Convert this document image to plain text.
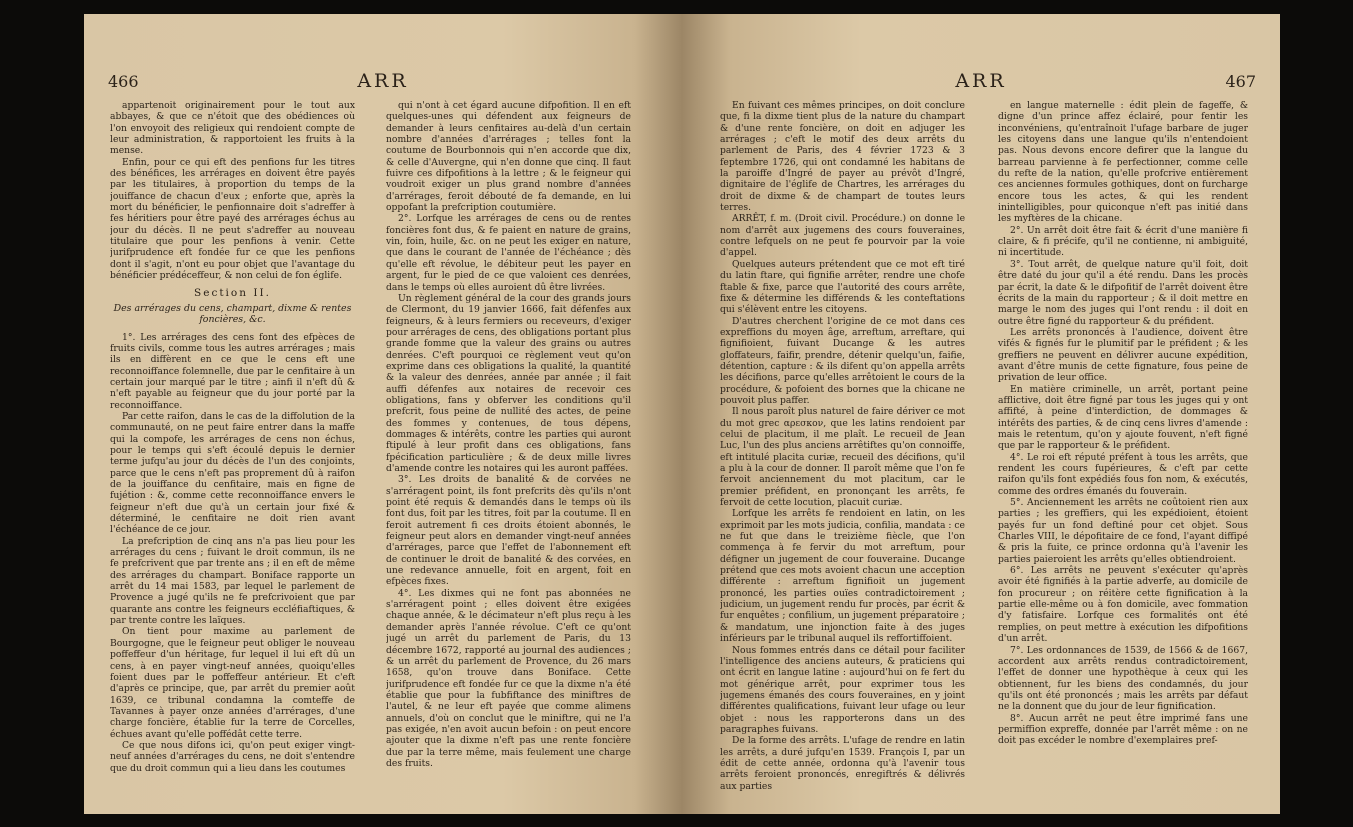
466	ARR

appartenoit originairement pour le tout aux abbayes, & que ce n'étoit que des obédiences où l'on envoyoit des religieux qui rendoient compte de leur administration, & rapportoient les fruits à la mense.

Enfin, pour ce qui eft des penfions fur les titres des bénéfices, les arrérages en doivent être payés par les titulaires, à proportion du temps de la jouiffance de chacun d'eux ; enforte que, après la mort du bénéficier, le penfionnaire doit s'adreffer à fes héritiers pour être payé des arrérages échus au jour du décès. Il ne peut s'adreffer au nouveau titulaire que pour les penfions à venir. Cette jurifprudence eft fondée fur ce que les penfions dont il s'agit, n'ont eu pour objet que l'avantage du bénéficier prédéceffeur, & non celui de fon églife.

Section II.
Des arrérages du cens, champart, dixme & rentes foncières, &c.

1°. Les arrérages des cens font des efpèces de fruits civils, comme tous les autres arrérages ; mais ils en diffèrent en ce que le cens eft une reconnoiffance folemnelle, due par le cenfitaire à un certain jour marqué par le titre ; ainfi il n'eft dû & n'eft payable au feigneur que du jour porté par la reconnoiffance.

Par cette raifon, dans le cas de la diffolution de la communauté, on ne peut faire entrer dans la maffe qui la compofe, les arrérages de cens non échus, pour le temps qui s'eft écoulé depuis le dernier terme jufqu'au jour du décès de l'un des conjoints, parce que le cens n'eft pas proprement dû à raifon de la jouiffance du cenfitaire, mais en figne de fujétion : &, comme cette reconnoiffance envers le feigneur n'eft due qu'à un certain jour fixé & déterminé, le cenfitaire ne doit rien avant l'échéance de ce jour.

La prefcription de cinq ans n'a pas lieu pour les arrérages du cens ; fuivant le droit commun, ils ne fe prefcrivent que par trente ans ; il en eft de même des arrérages du champart. Boniface rapporte un arrêt du 14 mai 1583, par lequel le parlement de Provence a jugé qu'ils ne fe prefcrivoient que par quarante ans contre les feigneurs eccléfiaftiques, & par trente contre les laïques.

On tient pour maxime au parlement de Bourgogne, que le feigneur peut obliger le nouveau poffeffeur d'un héritage, fur lequel il lui eft dû un cens, à en payer vingt-neuf années, quoiqu'elles foient dues par le poffeffeur antérieur. Et c'eft d'après ce principe, que, par arrêt du premier août 1639, ce tribunal condamna la comteffe de Tavannes à payer onze années d'arrérages, d'une charge foncière, établie fur la terre de Corcelles, échues avant qu'elle poffédât cette terre.

Ce que nous difons ici, qu'on peut exiger vingt-neuf années d'arrérages du cens, ne doit s'entendre que du droit commun qui a lieu dans les coutumes

qui n'ont à cet égard aucune difpofition. Il en eft quelques-unes qui défendent aux feigneurs de demander à leurs cenfitaires au-delà d'un certain nombre d'années d'arrérages ; telles font la coutume de Bourbonnois qui n'en accorde que dix, & celle d'Auvergne, qui n'en donne que cinq. Il faut fuivre ces difpofitions à la lettre ; & le feigneur qui voudroit exiger un plus grand nombre d'années d'arrérages, feroit débouté de fa demande, en lui oppofant la prefcription coutumière.

2°. Lorfque les arrérages de cens ou de rentes foncières font dus, & fe paient en nature de grains, vin, foin, huile, &c. on ne peut les exiger en nature, que dans le courant de l'année de l'échéance ; dès qu'elle eft révolue, le débiteur peut les payer en argent, fur le pied de ce que valoient ces denrées, dans le temps où elles auroient dû être livrées.

Un règlement général de la cour des grands jours de Clermont, du 19 janvier 1666, fait défenfes aux feigneurs, & à leurs fermiers ou receveurs, d'exiger pour arrérages de cens, des obligations portant plus grande fomme que la valeur des grains ou autres denrées. C'eft pourquoi ce règlement veut qu'on exprime dans ces obligations la qualité, la quantité & la valeur des denrées, année par année ; il fait auffi défenfes aux notaires de recevoir ces obligations, fans y obferver les conditions qu'il prefcrit, fous peine de nullité des actes, de peine des fommes y contenues, de tous dépens, dommages & intérêts, contre les parties qui auront ftipulé à leur profit dans ces obligations, fans fpécification particulière ; & de deux mille livres d'amende contre les notaires qui les auront paffées.

3°. Les droits de banalité & de corvées ne s'arréragent point, ils font prefcrits dès qu'ils n'ont point été requis & demandés dans le temps où ils font dus, foit par les titres, foit par la coutume. Il en feroit autrement fi ces droits étoient abonnés, le feigneur peut alors en demander vingt-neuf années d'arrérages, parce que l'effet de l'abonnement eft de continuer le droit de banalité & des corvées, en une redevance annuelle, foit en argent, foit en efpèces fixes.

4°. Les dixmes qui ne font pas abonnées ne s'arréragent point ; elles doivent être exigées chaque année, & le décimateur n'eft plus reçu à les demander après l'année révolue. C'eft ce qu'ont jugé un arrêt du parlement de Paris, du 13 décembre 1672, rapporté au journal des audiences ; & un arrêt du parlement de Provence, du 26 mars 1658, qu'on trouve dans Boniface. Cette jurifprudence eft fondée fur ce que la dixme n'a été établie que pour la fubfiftance des miniftres de l'autel, & ne leur eft payée que comme alimens annuels, d'où on conclut que le miniftre, qui ne l'a pas exigée, n'en avoit aucun befoin : on peut encore ajouter que la dixme n'eft pas une rente foncière due par la terre même, mais feulement une charge des fruits.

ARR	467

En fuivant ces mêmes principes, on doit conclure que, fi la dixme tient plus de la nature du champart & d'une rente foncière, on doit en adjuger les arrérages ; c'eft le motif des deux arrêts du parlement de Paris, des 4 février 1723 & 3 feptembre 1726, qui ont condamné les habitans de la paroiffe d'Ingré de payer au prévôt d'Ingré, dignitaire de l'églife de Chartres, les arrérages du droit de dixme & de champart de toutes leurs terres.

ARRÊT, f. m. (Droit civil. Procédure.) on donne le nom d'arrêt aux jugemens des cours fouveraines, contre lefquels on ne peut fe pourvoir par la voie d'appel.

Quelques auteurs prétendent que ce mot eft tiré du latin ftare, qui fignifie arrêter, rendre une chofe ftable & fixe, parce que l'autorité des cours arrête, fixe & détermine les différends & les conteftations qui s'élèvent entre les citoyens.

D'autres cherchent l'origine de ce mot dans ces expreffions du moyen âge, arreftum, arreftare, qui fignifioient, fuivant Ducange & les autres gloffateurs, faifir, prendre, détenir quelqu'un, faifie, détention, capture : & ils difent qu'on appella arrêts les décifions, parce qu'elles arrêtoient le cours de la procédure, & pofoient des bornes que la chicane ne pouvoit plus paffer.

Il nous paroît plus naturel de faire dériver ce mot du mot grec αρεσκον, que les latins rendoient par celui de placitum, il me plaît. Le recueil de Jean Luc, l'un des plus anciens arrêtiftes qu'on connoiffe, eft intitulé placita curiæ, recueil des décifions, qu'il a plu à la cour de donner. Il paroît même que l'on fe fervoit anciennement du mot placitum, car le premier préfident, en prononçant les arrêts, fe fervoit de cette locution, placuit curiæ.

Lorfque les arrêts fe rendoient en latin, on les exprimoit par les mots judicia, confilia, mandata : ce ne fut que dans le treizième fiècle, que l'on commença à fe fervir du mot arreftum, pour défigner un jugement de cour fouveraine. Ducange prétend que ces mots avoient chacun une acception différente : arreftum fignifioit un jugement prononcé, les parties ouïes contradictoirement ; judicium, un jugement rendu fur procès, par écrit & fur enquêtes ; confilium, un jugement préparatoire ; & mandatum, une injonction faite à des juges inférieurs par le tribunal auquel ils reffortiffoient.

Nous fommes entrés dans ce détail pour faciliter l'intelligence des anciens auteurs, & praticiens qui ont écrit en langue latine : aujourd'hui on fe fert du mot générique arrêt, pour exprimer tous les jugemens émanés des cours fouveraines, en y joint différentes qualifications, fuivant leur ufage ou leur objet : nous les rapporterons dans un des paragraphes fuivans.

De la forme des arrêts. L'ufage de rendre en latin les arrêts, a duré jufqu'en 1539. François I, par un édit de cette année, ordonna qu'à l'avenir tous arrêts feroient prononcés, enregiftrés & délivrés aux parties

en langue maternelle : édit plein de fageffe, & digne d'un prince affez éclairé, pour fentir les inconvéniens, qu'entraînoit l'ufage barbare de juger les citoyens dans une langue qu'ils n'entendoient pas. Nous devons encore defirer que la langue du barreau parvienne à fe perfectionner, comme celle du refte de la nation, qu'elle profcrive entièrement ces anciennes formules gothiques, dont on furcharge encore tous les actes, & qui les rendent inintelligibles, pour quiconque n'eft pas initié dans les myftères de la chicane.

2°. Un arrêt doit être fait & écrit d'une manière fi claire, & fi précife, qu'il ne contienne, ni ambiguité, ni incertitude.

3°. Tout arrêt, de quelque nature qu'il foit, doit être daté du jour qu'il a été rendu. Dans les procès par écrit, la date & le difpofitif de l'arrêt doivent être écrits de la main du rapporteur ; & il doit mettre en marge le nom des juges qui l'ont rendu : il doit en outre être figné du rapporteur & du préfident.

Les arrêts prononcés à l'audience, doivent être vifés & fignés fur le plumitif par le préfident ; & les greffiers ne peuvent en délivrer aucune expédition, avant d'être munis de cette fignature, fous peine de privation de leur office.

En matière criminelle, un arrêt, portant peine afflictive, doit être figné par tous les juges qui y ont affifté, à peine d'interdiction, de dommages & intérêts des parties, & de cinq cens livres d'amende : mais le retentum, qu'on y ajoute fouvent, n'eft figné que par le rapporteur & le préfident.

4°. Le roi eft réputé préfent à tous les arrêts, que rendent les cours fupérieures, & c'eft par cette raifon qu'ils font expédiés fous fon nom, & exécutés, comme des ordres émanés du fouverain.

5°. Anciennement les arrêts ne coûtoient rien aux parties ; les greffiers, qui les expédioient, étoient payés fur un fond deftiné pour cet objet. Sous Charles VIII, le dépofitaire de ce fond, l'ayant diffipé & pris la fuite, ce prince ordonna qu'à l'avenir les parties paieroient les arrêts qu'elles obtiendroient.

6°. Les arrêts ne peuvent s'exécuter qu'après avoir été fignifiés à la partie adverfe, au domicile de fon procureur ; on réitère cette fignification à la partie elle-même ou à fon domicile, avec fommation d'y fatisfaire. Lorfque ces formalités ont été remplies, on peut mettre à exécution les difpofitions d'un arrêt.

7°. Les ordonnances de 1539, de 1566 & de 1667, accordent aux arrêts rendus contradictoirement, l'effet de donner une hypothèque à ceux qui les obtiennent, fur les biens des condamnés, du jour qu'ils ont été prononcés ; mais les arrêts par défaut ne la donnent que du jour de leur fignification.

8°. Aucun arrêt ne peut être imprimé fans une permiffion expreffe, donnée par l'arrêt même : on ne doit pas excéder le nombre d'exemplaires pref-
